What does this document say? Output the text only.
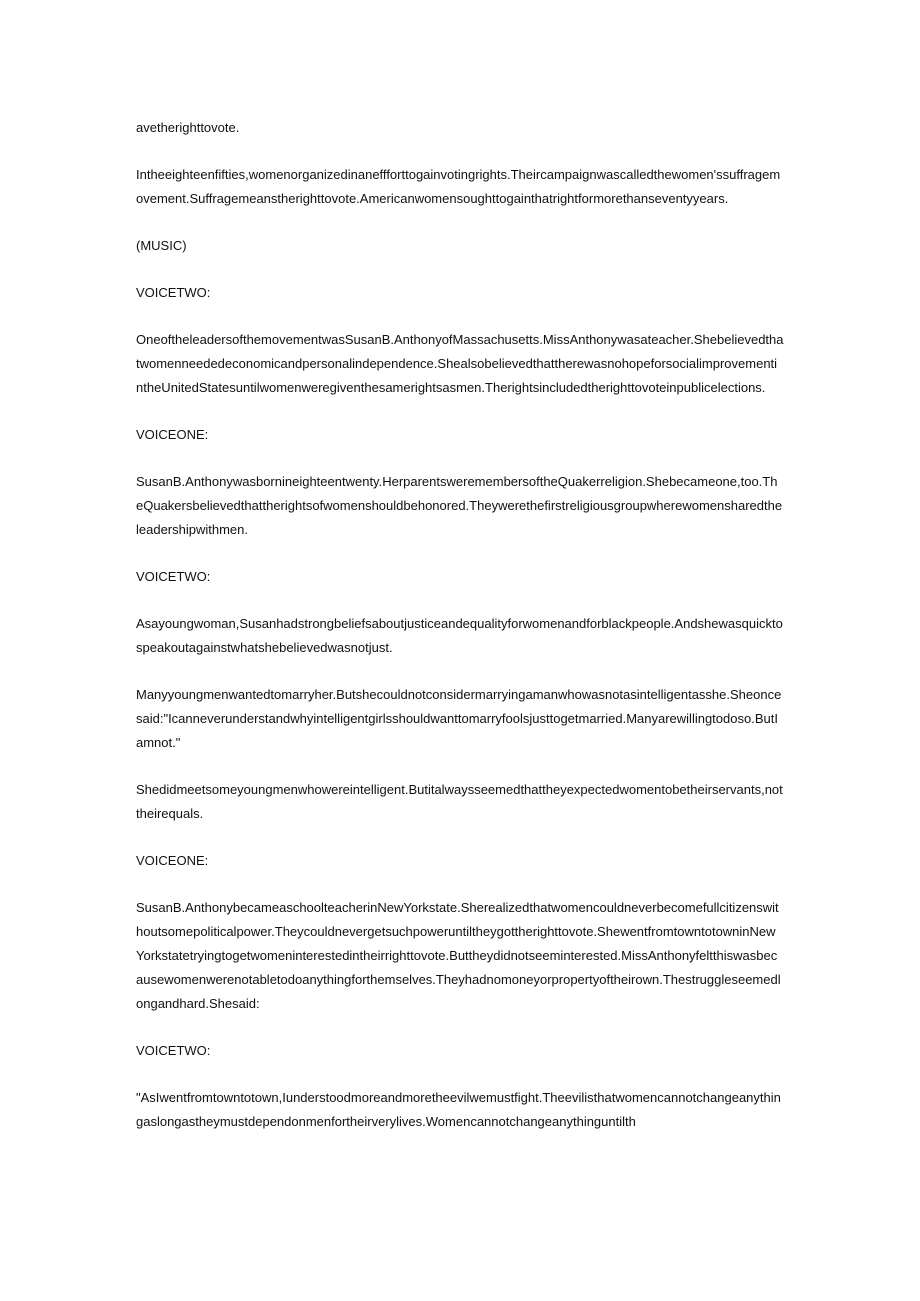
avetherighttovote.

Intheeighteenfifties,womenorganizedinaneffforttogainvotingrights.Theircampaignwascalledthewomen'ssuffragemovement.Suffragemeanstherighttovote.Americanwomensoughttogainthatrightformorethanseventyyears.

(MUSIC)

VOICETWO:

OneoftheleadersofthemovementwasSusanB.AnthonyofMassachusetts.MissAnthonywasateacher.Shebelievedthatwomenneededeconomicandpersonalindependence.ShealsobelievedthattherewasnohopeforsocialimprovementintheUnitedStatesuntilwomenweregiventhesamerightsasmen.Therightsincludedtherighttovoteinpublicelections.

VOICEONE:

SusanB.Anthonywasbornineighteentwenty.HerparentsweremembersoftheQuakerreligion.Shebecameone,too.TheQuakersbelievedthattherightsofwomenshouldbehonored.Theywerethefirstreligiousgroupwherewomensharedtheleadershipwithmen.

VOICETWO:

Asayoungwoman,Susanhadstrongbeliefsaboutjusticeandequalityforwomenandforblackpeople.Andshewasquicktospeakoutagainstwhatshebelievedwasnotjust.

Manyyoungmenwantedtomarryher.Butshecouldnotconsidermarryingamanwhowasnotasintelligentasshe.Sheoncesaid:"Icanneverunderstandwhyintelligentgirlsshouldwanttomarryfoolsjusttogetmarried.Manyarewillingtodoso.ButIamnot."

Shedidmeetsomeyoungmenwhowereintelligent.Butitalwaysseemedthattheyexpectedwomentobetheirservants,nottheirequals.

VOICEONE:

SusanB.AnthonybecameaschoolteacherinNewYorkstate.Sherealizedthatwomencouldneverbecomefullcitizenswithoutsomepoliticalpower.Theycouldnevergetsuchpoweruntiltheygottherighttovote.ShewentfromtowntotowninNewYorkstatetryingtogetwomeninterestedintheirrighttovote.Buttheydidnotseeminterested.MissAnthonyfeltthiswasbecausewomenwerenotabletodoanythingforthemselves.Theyhadnomoneyorpropertyoftheirown.Thestruggleseemedlongandhard.Shesaid:

VOICETWO:

"AsIwentfromtowntotown,Iunderstoodmoreandmoretheevilwemustfight.Theevilisthatwomencannotchangeanythingaslongastheymustdependonmenfortheirverylives.Womencannotchangeanythinguntilth
